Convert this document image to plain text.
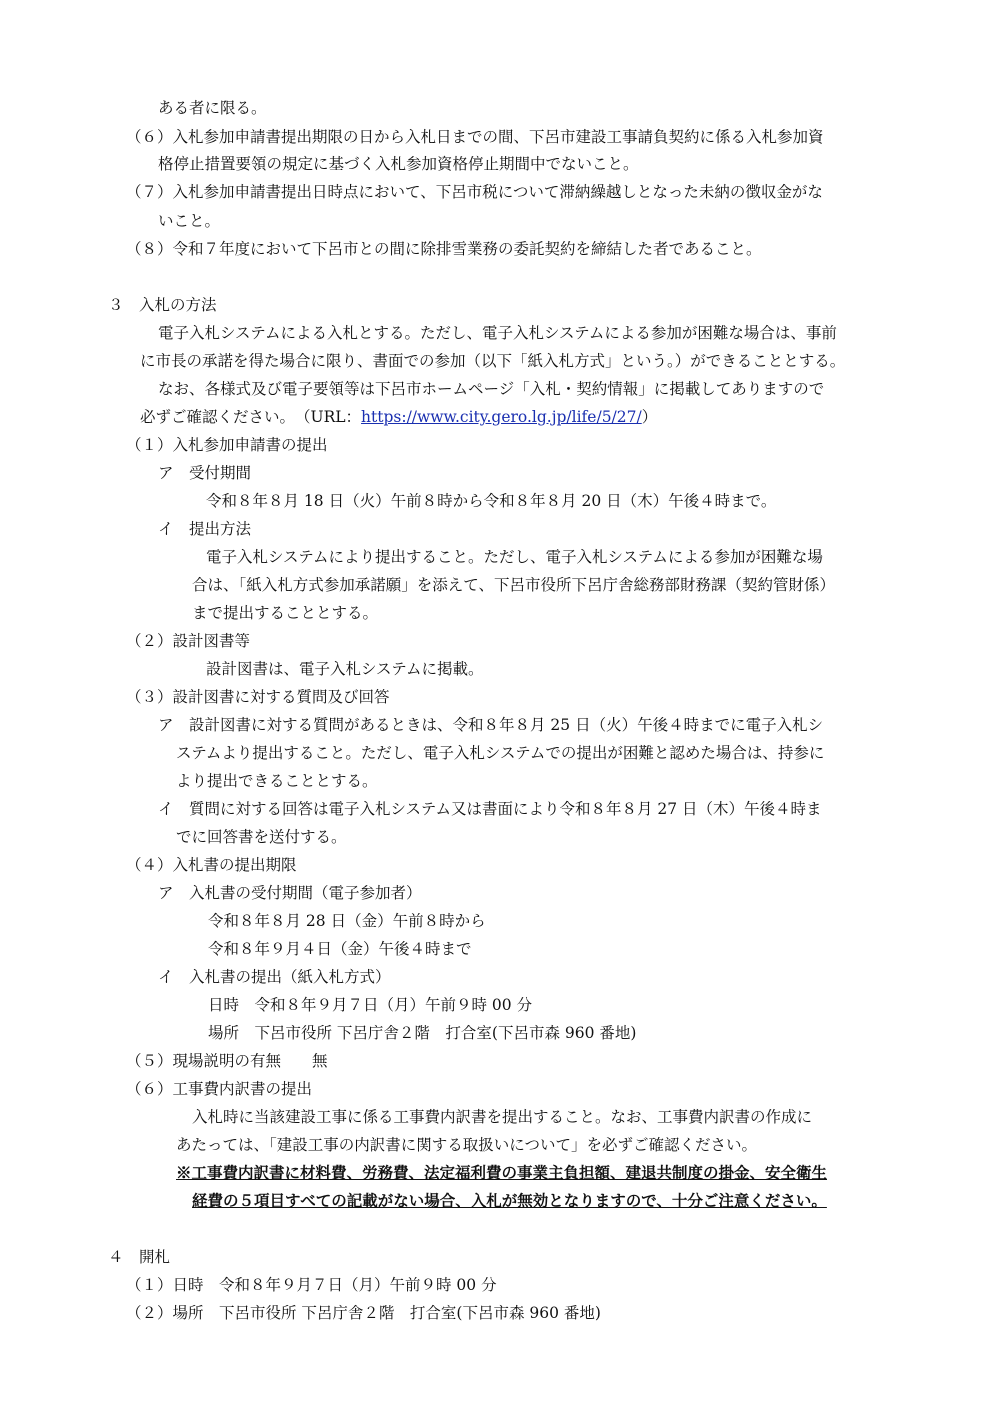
ある者に限る。
（６）入札参加申請書提出期限の日から入札日までの間、下呂市建設工事請負契約に係る入札参加資
格停止措置要領の規定に基づく入札参加資格停止期間中でないこと。
（７）入札参加申請書提出日時点において、下呂市税について滞納繰越しとなった未納の徴収金がな
いこと。
（８）令和７年度において下呂市との間に除排雪業務の委託契約を締結した者であること。
３　入札の方法
電子入札システムによる入札とする。ただし、電子入札システムによる参加が困難な場合は、事前
に市長の承諾を得た場合に限り、書面での参加（以下「紙入札方式」という。）ができることとする。
なお、各様式及び電子要領等は下呂市ホームページ「入札・契約情報」に掲載してありますので
必ずご確認ください。　（URL：https://www.city.gero.lg.jp/life/5/27/）
（１）入札参加申請書の提出
ア　受付期間
令和８年８月 18 日（火）午前８時から令和８年８月 20 日（木）午後４時まで。
イ　提出方法
電子入札システムにより提出すること。ただし、電子入札システムによる参加が困難な場
合は、「紙入札方式参加承諾願」を添えて、下呂市役所下呂庁舎総務部財務課（契約管財係）
まで提出することとする。
（２）設計図書等
設計図書は、電子入札システムに掲載。
（３）設計図書に対する質問及び回答
ア　設計図書に対する質問があるときは、令和８年８月 25 日（火）午後４時までに電子入札シ
ステムより提出すること。ただし、電子入札システムでの提出が困難と認めた場合は、持参に
より提出できることとする。
イ　質問に対する回答は電子入札システム又は書面により令和８年８月 27 日（木）午後４時ま
でに回答書を送付する。
（４）入札書の提出期限
ア　入札書の受付期間（電子参加者）
令和８年８月 28 日（金）午前８時から
令和８年９月４日（金）午後４時まで
イ　入札書の提出（紙入札方式）
日時　令和８年９月７日（月）午前９時 00 分
場所　下呂市役所 下呂庁舎２階　打合室(下呂市森 960 番地)
（５）現場説明の有無　　無
（６）工事費内訳書の提出
入札時に当該建設工事に係る工事費内訳書を提出すること。なお、工事費内訳書の作成に
あたっては、「建設工事の内訳書に関する取扱いについて」を必ずご確認ください。
※工事費内訳書に材料費、労務費、法定福利費の事業主負担額、建退共制度の掛金、安全衛生
経費の５項目すべての記載がない場合、入札が無効となりますので、十分ご注意ください。
４　開札
（１）日時　令和８年９月７日（月）午前９時 00 分
（２）場所　下呂市役所 下呂庁舎２階　打合室(下呂市森 960 番地)
